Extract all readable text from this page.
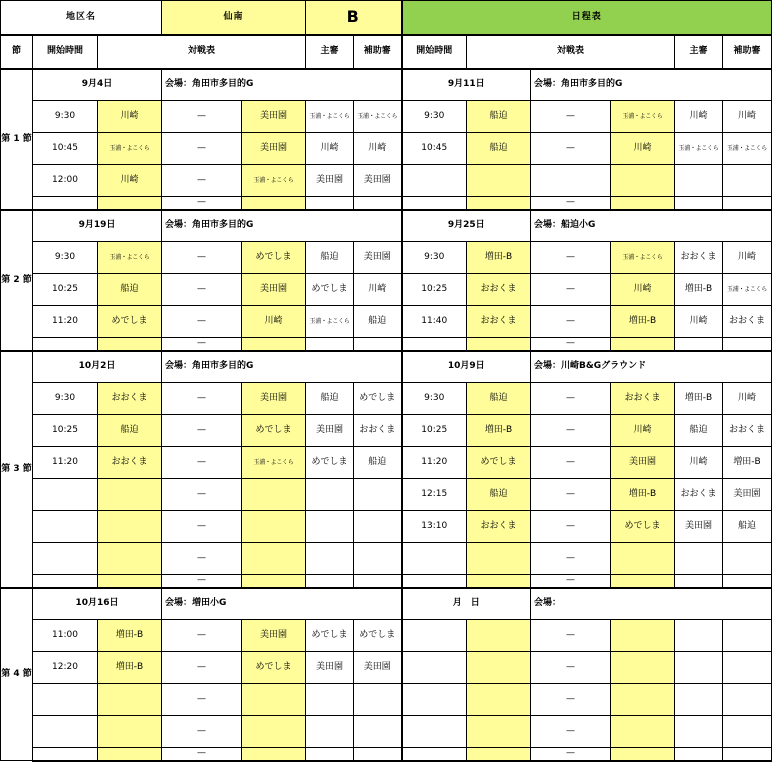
地区名			仙南		B		日程表					
節	開始時間	対戦表			主審	補助審	開始時間	対戦表			主審	補助審
第 1 節	9月4日		会場：角田市多目的G				9月11日		会場：角田市多目的G			
	9:30	川崎	—	美田園	玉浦・よこくら	玉浦・よこくら	9:30	船迫	—	玉浦・よこくら	川崎	川崎
	10:45	玉浦・よこくら	—	美田園	川崎	川崎	10:45	船迫	—	川崎	玉浦・よこくら	玉浦・よこくら
	12:00	川崎	—	玉浦・よこくら	美田園	美田園						
			—						—			
第 2 節	9月19日		会場：角田市多目的G				9月25日		会場：船迫小G			
	9:30	玉浦・よこくら	—	めでしま	船迫	美田園	9:30	増田-B	—	玉浦・よこくら	おおくま	川崎
	10:25	船迫	—	美田園	めでしま	川崎	10:25	おおくま	—	川崎	増田-B	玉浦・よこくら
	11:20	めでしま	—	川崎	玉浦・よこくら	船迫	11:40	おおくま	—	増田-B	川崎	おおくま
			—						—			
第 3 節	10月2日		会場：角田市多目的G				10月9日		会場：川崎B&Gグラウンド			
	9:30	おおくま	—	美田園	船迫	めでしま	9:30	船迫	—	おおくま	増田-B	川崎
	10:25	船迫	—	めでしま	美田園	おおくま	10:25	増田-B	—	川崎	船迫	おおくま
	11:20	おおくま	—	玉浦・よこくら	めでしま	船迫	11:20	めでしま	—	美田園	川崎	増田-B
			—				12:15	船迫	—	増田-B	おおくま	美田園
			—				13:10	おおくま	—	めでしま	美田園	船迫
			—						—			
			—						—			
第 4 節	10月16日		会場：増田小G				月　日		会場：			
	11:00	増田-B	—	美田園	めでしま	めでしま			—			
	12:20	増田-B	—	めでしま	美田園	美田園			—			
			—						—			
			—						—			
			—						—			
